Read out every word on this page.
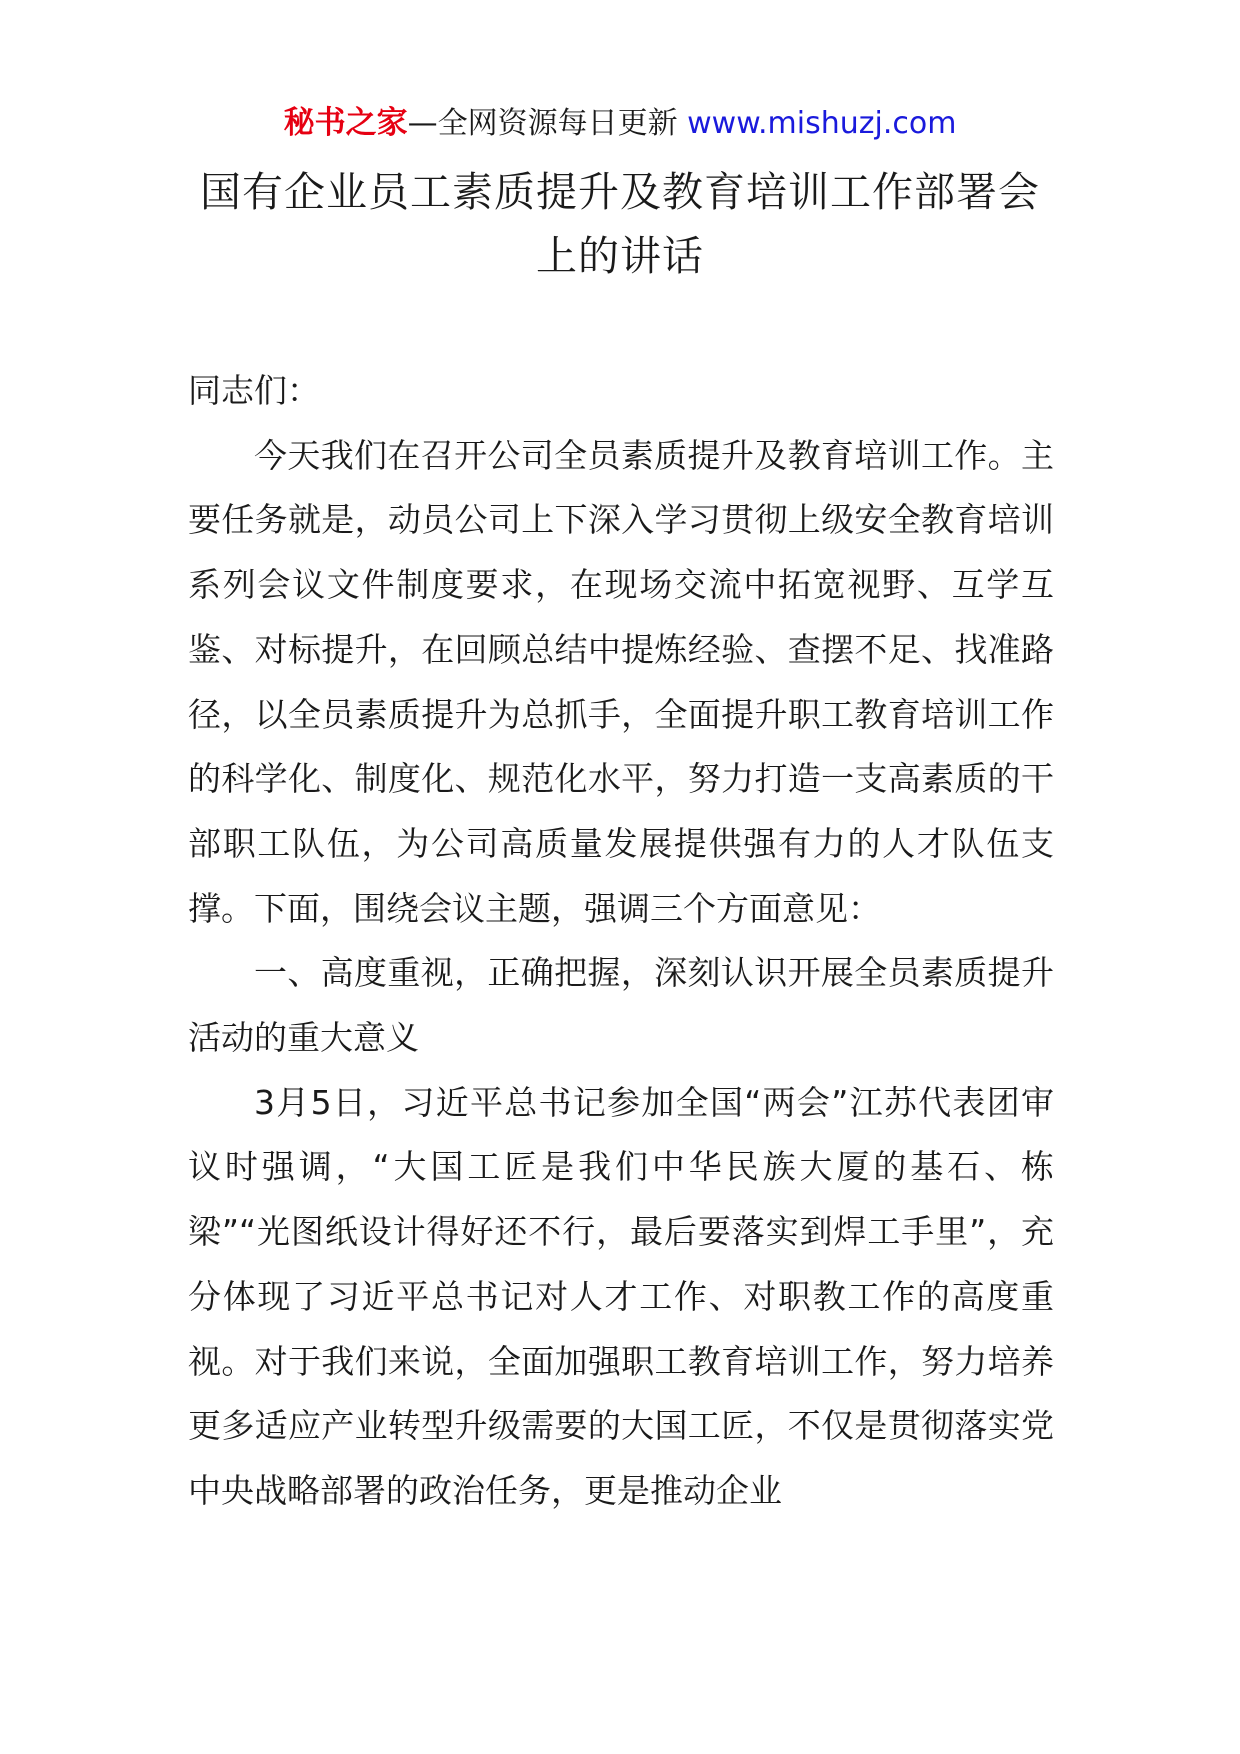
秘书之家—全网资源每日更新 www.mishuzj.com
国有企业员工素质提升及教育培训工作部署会上的讲话

同志们：

今天我们在召开公司全员素质提升及教育培训工作。主要任务就是，动员公司上下深入学习贯彻上级安全教育培训系列会议文件制度要求，在现场交流中拓宽视野、互学互鉴、对标提升，在回顾总结中提炼经验、查摆不足、找准路径，以全员素质提升为总抓手，全面提升职工教育培训工作的科学化、制度化、规范化水平，努力打造一支高素质的干部职工队伍，为公司高质量发展提供强有力的人才队伍支撑。下面，围绕会议主题，强调三个方面意见：

一、高度重视，正确把握，深刻认识开展全员素质提升活动的重大意义

3月5日，习近平总书记参加全国“两会”江苏代表团审议时强调，“大国工匠是我们中华民族大厦的基石、栋梁”“光图纸设计得好还不行，最后要落实到焊工手里”，充分体现了习近平总书记对人才工作、对职教工作的高度重视。对于我们来说，全面加强职工教育培训工作，努力培养更多适应产业转型升级需要的大国工匠，不仅是贯彻落实党中央战略部署的政治任务，更是推动企业
